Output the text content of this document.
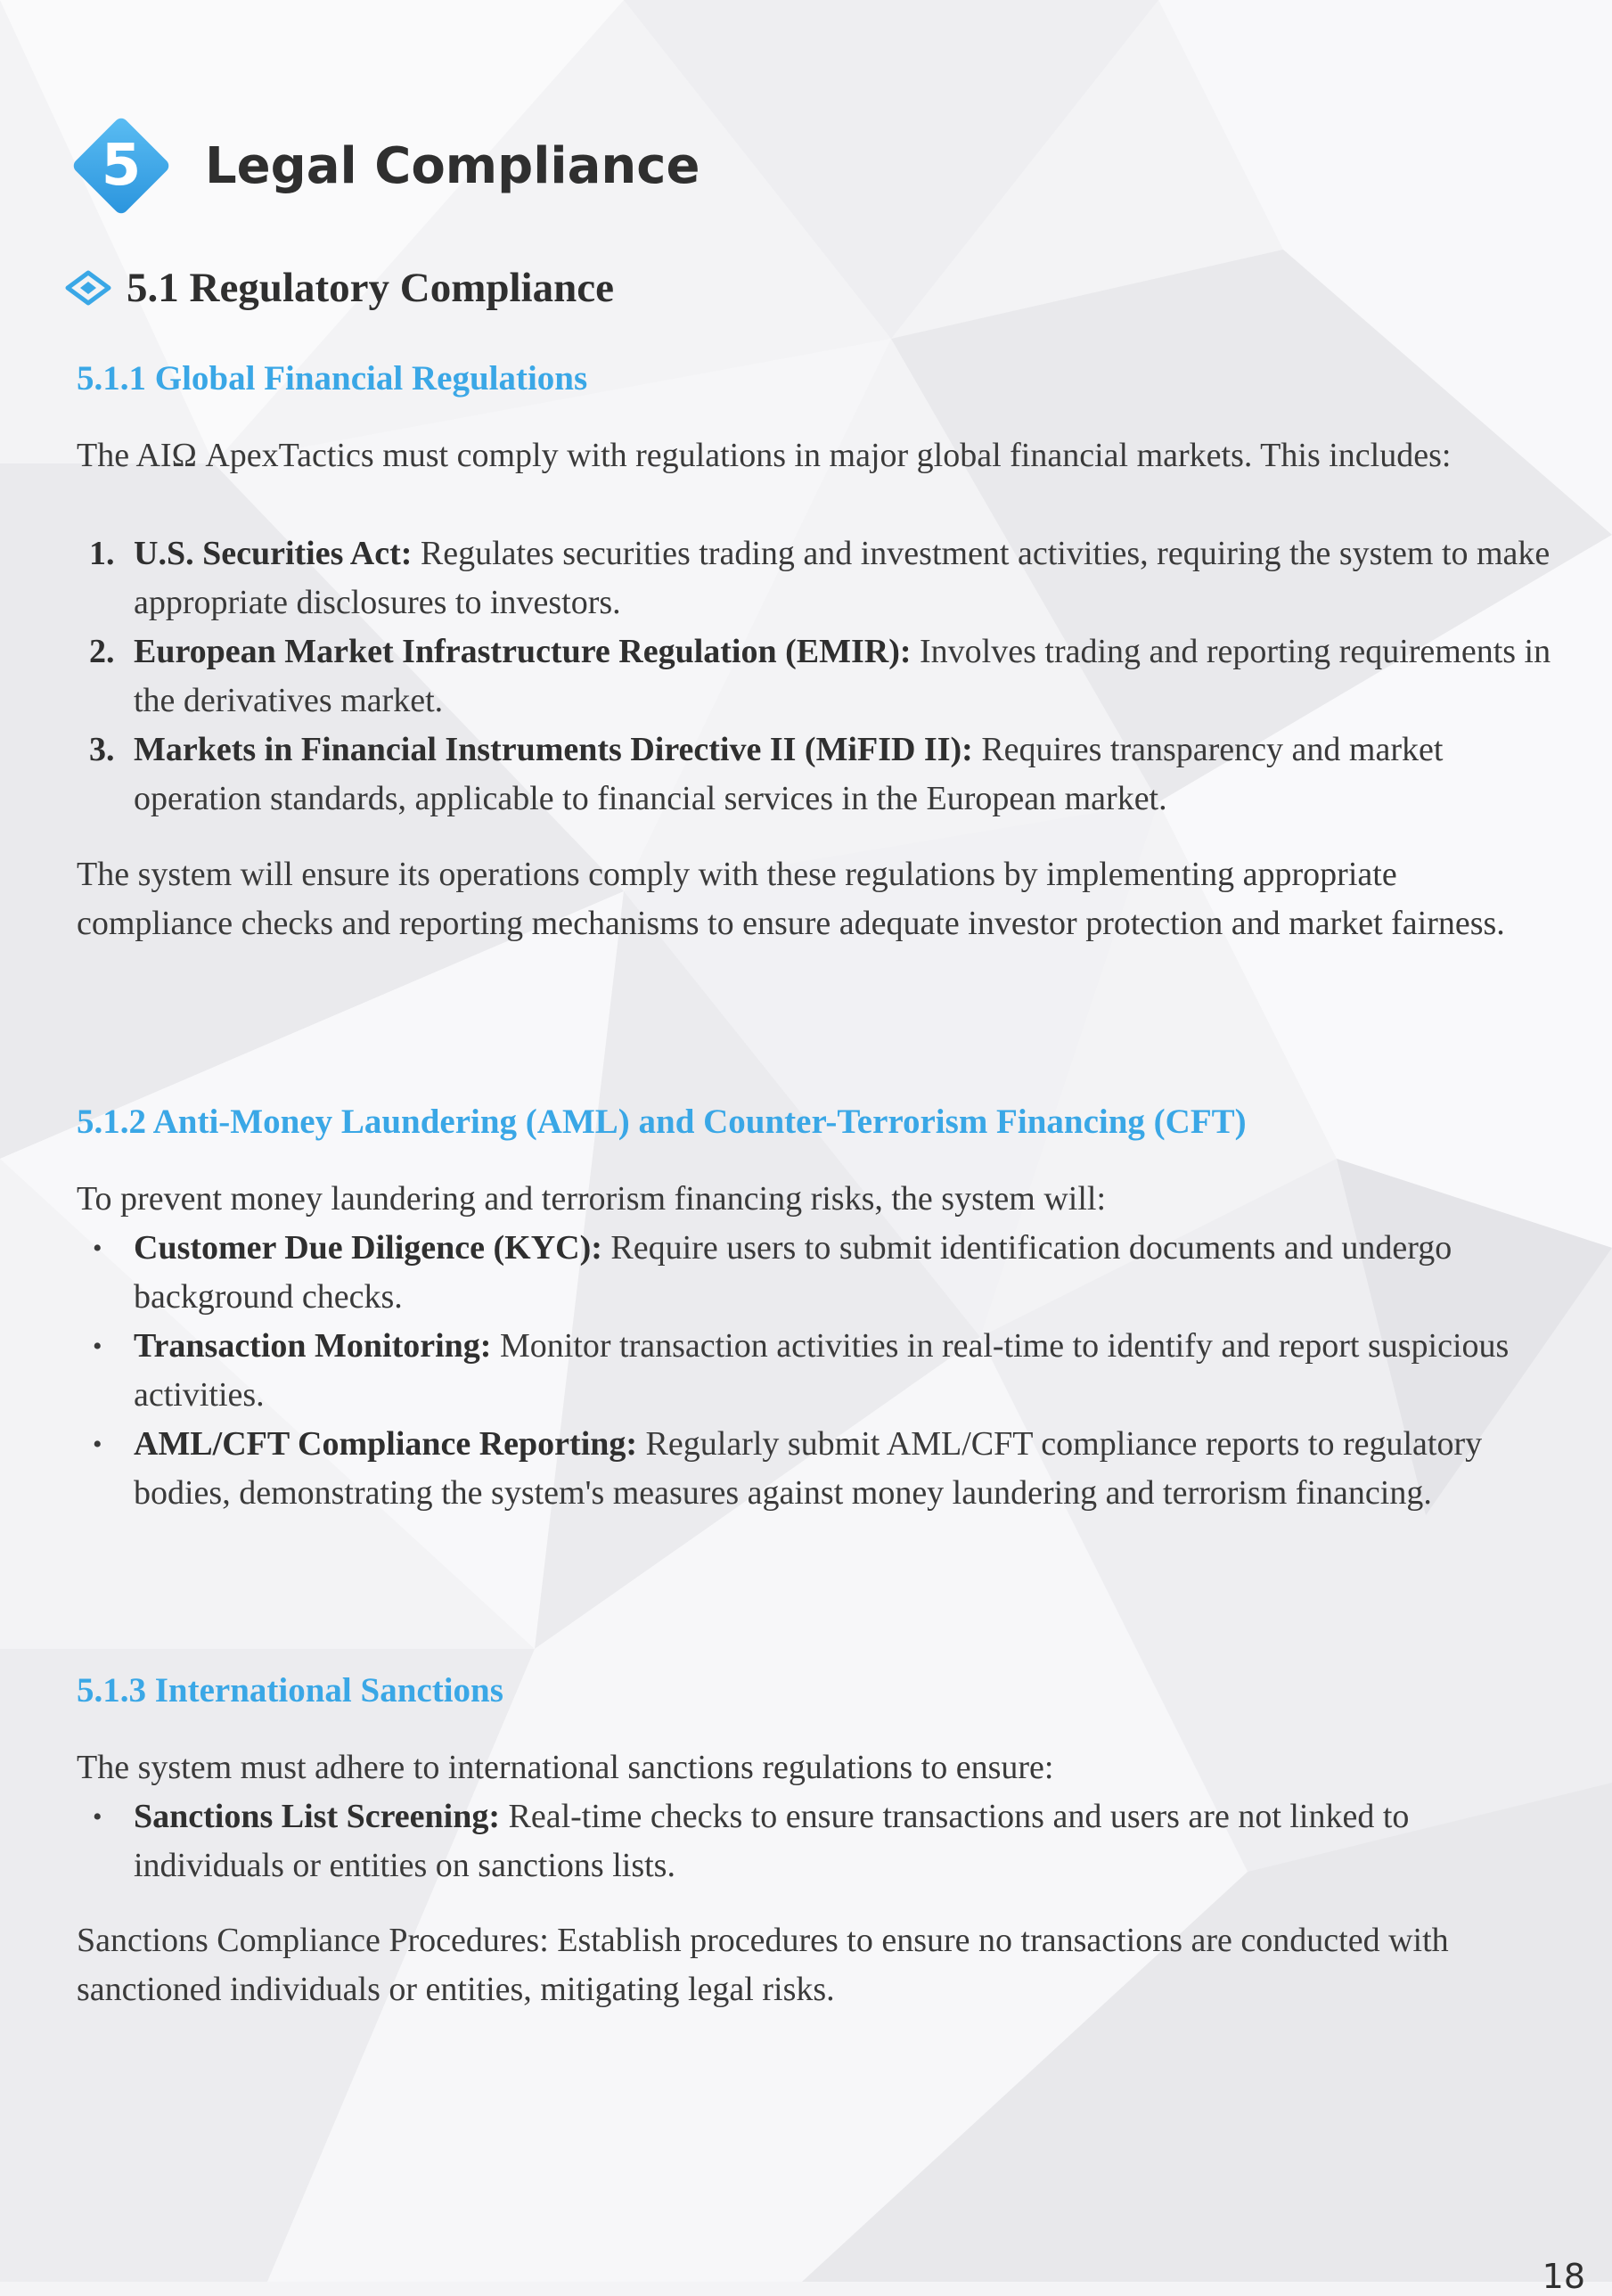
5	Legal Compliance
5.1 Regulatory Compliance
5.1.1 Global Financial Regulations
The AIΩ ApexTactics must comply with regulations in major global financial markets. This includes:
1. U.S. Securities Act: Regulates securities trading and investment activities, requiring the system to make appropriate disclosures to investors.
2. European Market Infrastructure Regulation (EMIR): Involves trading and reporting requirements in the derivatives market.
3. Markets in Financial Instruments Directive II (MiFID II): Requires transparency and market operation standards, applicable to financial services in the European market.
The system will ensure its operations comply with these regulations by implementing appropriate compliance checks and reporting mechanisms to ensure adequate investor protection and market fairness.
5.1.2 Anti-Money Laundering (AML) and Counter-Terrorism Financing (CFT)
To prevent money laundering and terrorism financing risks, the system will:
• Customer Due Diligence (KYC): Require users to submit identification documents and undergo background checks.
• Transaction Monitoring: Monitor transaction activities in real-time to identify and report suspicious activities.
• AML/CFT Compliance Reporting: Regularly submit AML/CFT compliance reports to regulatory bodies, demonstrating the system's measures against money laundering and terrorism financing.
5.1.3 International Sanctions
The system must adhere to international sanctions regulations to ensure:
• Sanctions List Screening: Real-time checks to ensure transactions and users are not linked to individuals or entities on sanctions lists.
Sanctions Compliance Procedures: Establish procedures to ensure no transactions are conducted with sanctioned individuals or entities, mitigating legal risks.
18
